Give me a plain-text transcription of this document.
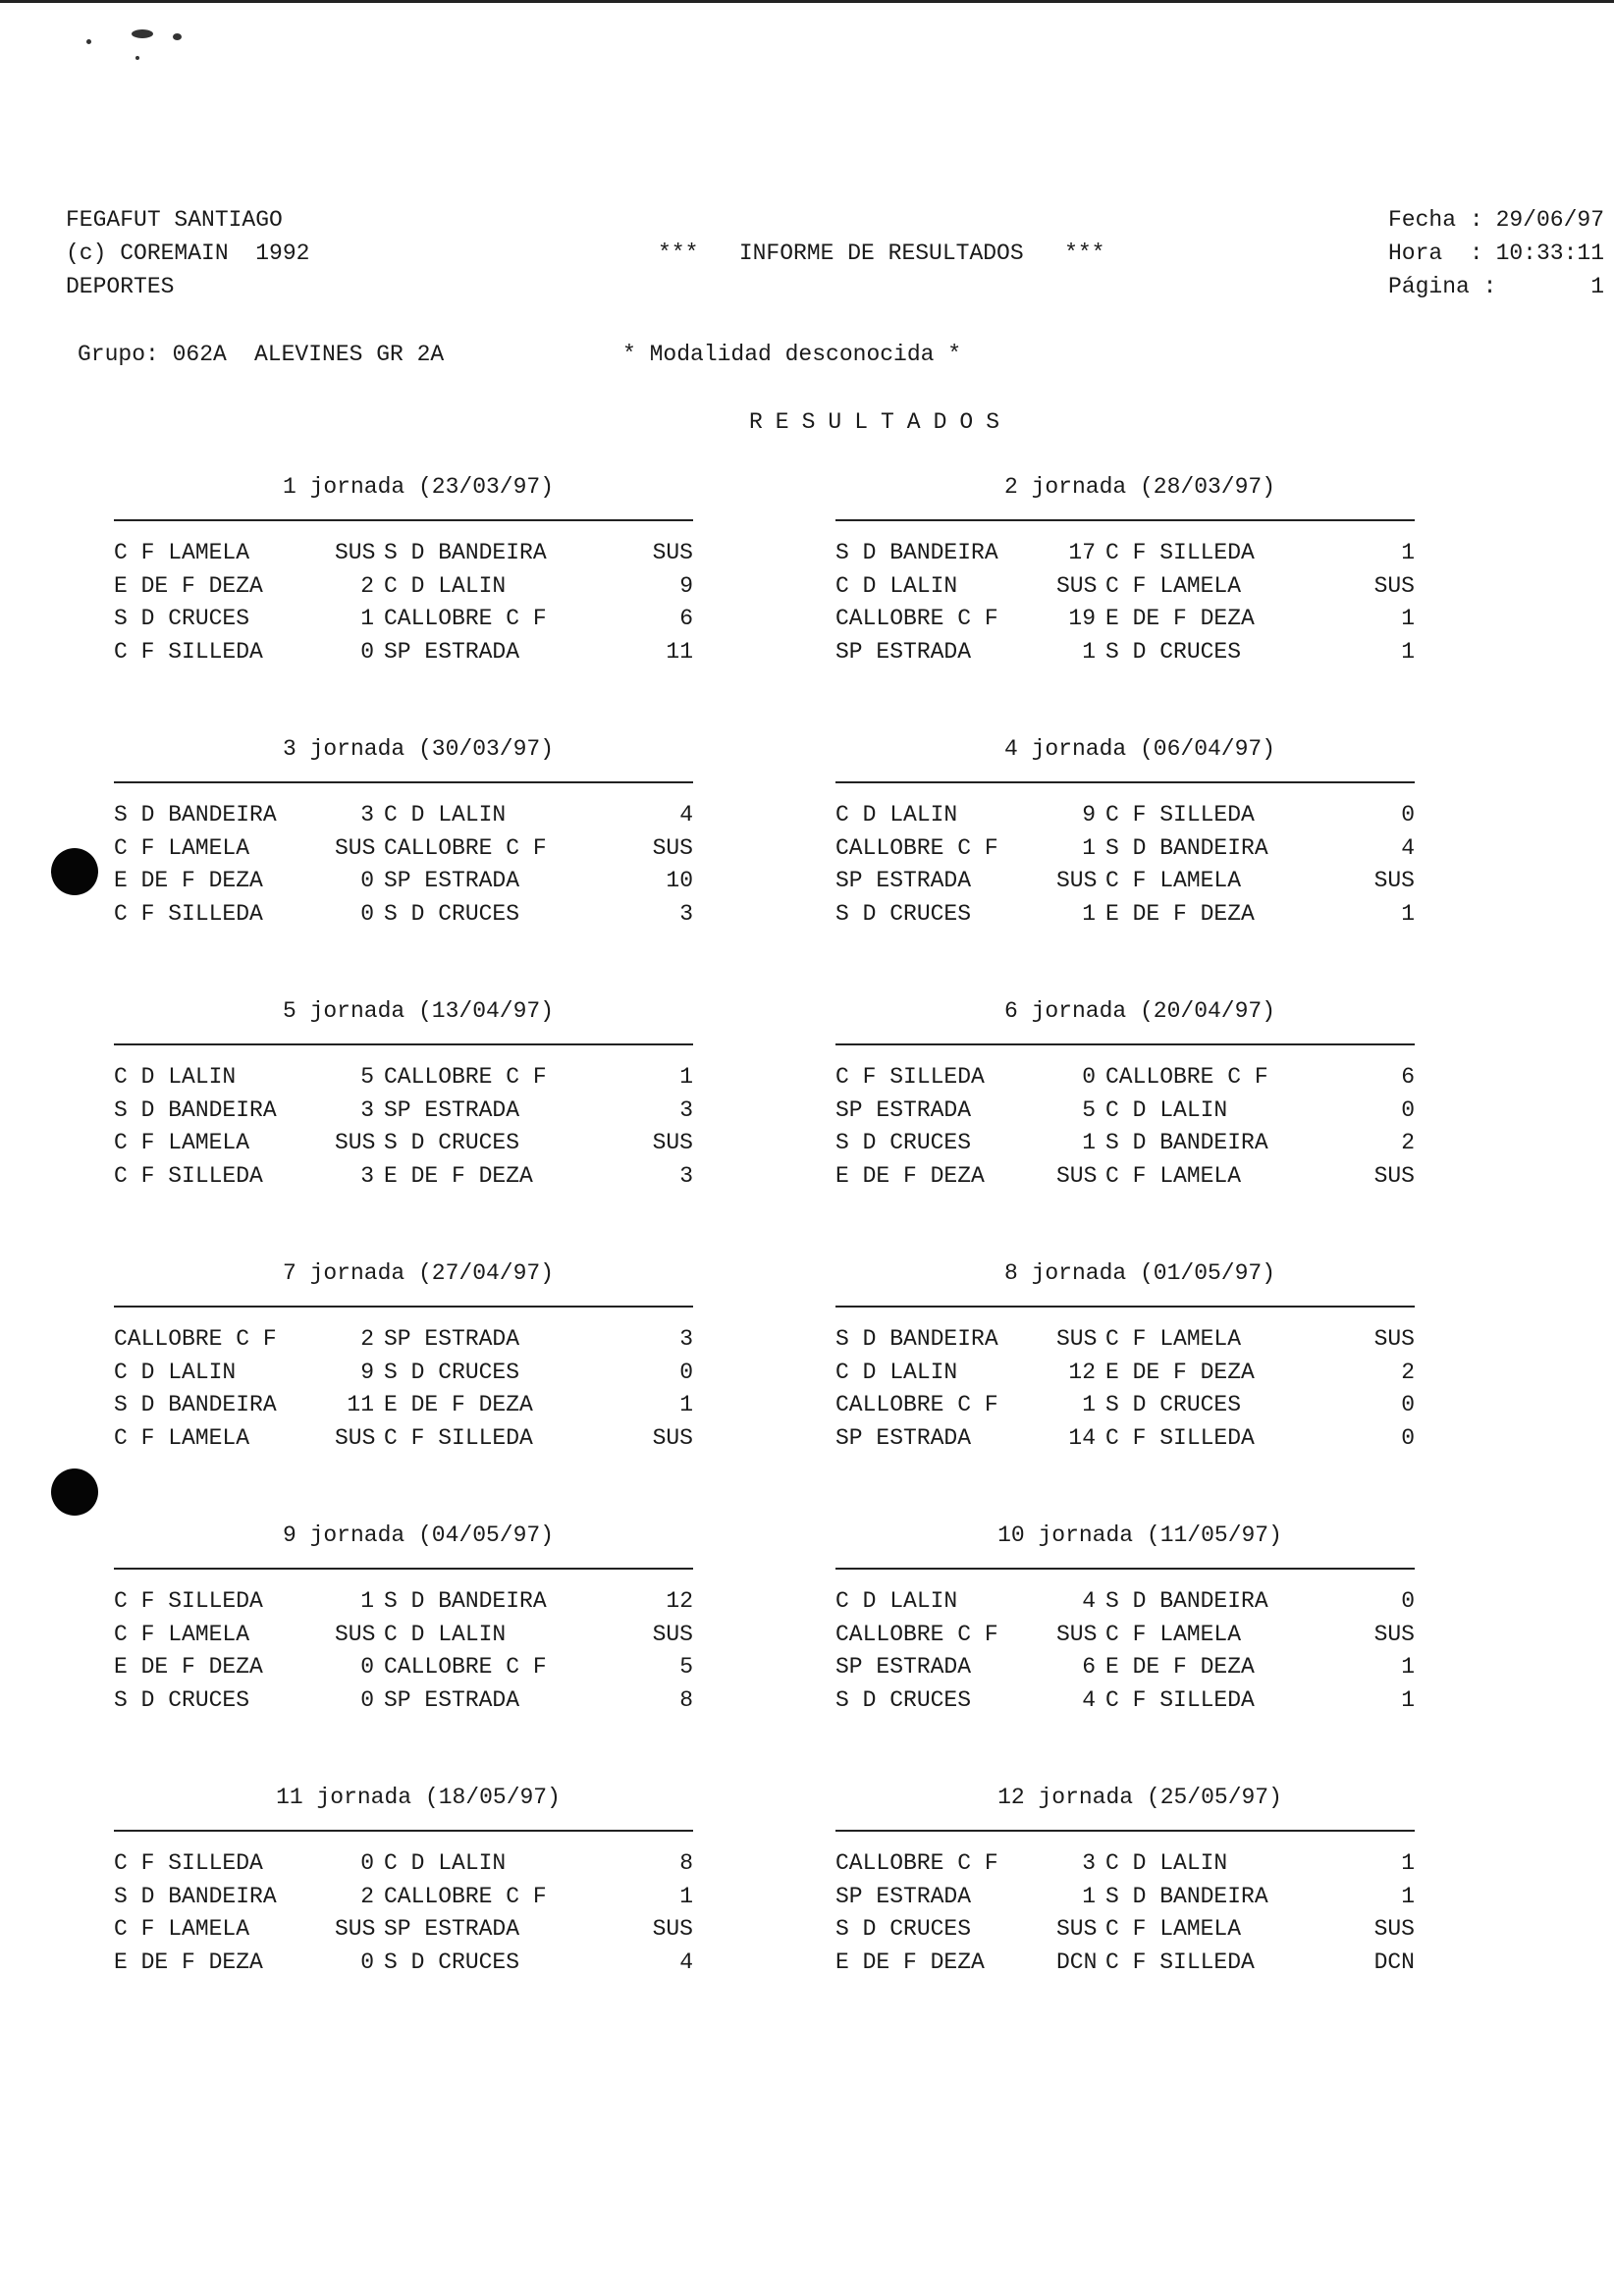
FEGAFUT SANTIAGO
(c) COREMAIN  1992
DEPORTES
***   INFORME DE RESULTADOS   ***
Fecha : 29/06/97
Hora  : 10:33:11
Página :	1
Grupo: 062A ALEVINES GR 2A	* Modalidad desconocida *
RESULTADOS
1 jornada (23/03/97)
C F LAMELA	SUS S D BANDEIRA	SUS
E DE F DEZA	2 C D LALIN	9
S D CRUCES	1 CALLOBRE C F	6
C F SILLEDA	0 SP ESTRADA	11
2 jornada (28/03/97)
S D BANDEIRA	17 C F SILLEDA	1
C D LALIN	SUS C F LAMELA	SUS
CALLOBRE C F	19 E DE F DEZA	1
SP ESTRADA	1 S D CRUCES	1
3 jornada (30/03/97)
S D BANDEIRA	3 C D LALIN	4
C F LAMELA	SUS CALLOBRE C F	SUS
E DE F DEZA	0 SP ESTRADA	10
C F SILLEDA	0 S D CRUCES	3
4 jornada (06/04/97)
C D LALIN	9 C F SILLEDA	0
CALLOBRE C F	1 S D BANDEIRA	4
SP ESTRADA	SUS C F LAMELA	SUS
S D CRUCES	1 E DE F DEZA	1
5 jornada (13/04/97)
C D LALIN	5 CALLOBRE C F	1
S D BANDEIRA	3 SP ESTRADA	3
C F LAMELA	SUS S D CRUCES	SUS
C F SILLEDA	3 E DE F DEZA	3
6 jornada (20/04/97)
C F SILLEDA	0 CALLOBRE C F	6
SP ESTRADA	5 C D LALIN	0
S D CRUCES	1 S D BANDEIRA	2
E DE F DEZA	SUS C F LAMELA	SUS
7 jornada (27/04/97)
CALLOBRE C F	2 SP ESTRADA	3
C D LALIN	9 S D CRUCES	0
S D BANDEIRA	11 E DE F DEZA	1
C F LAMELA	SUS C F SILLEDA	SUS
8 jornada (01/05/97)
S D BANDEIRA	SUS C F LAMELA	SUS
C D LALIN	12 E DE F DEZA	2
CALLOBRE C F	1 S D CRUCES	0
SP ESTRADA	14 C F SILLEDA	0
9 jornada (04/05/97)
C F SILLEDA	1 S D BANDEIRA	12
C F LAMELA	SUS C D LALIN	SUS
E DE F DEZA	0 CALLOBRE C F	5
S D CRUCES	0 SP ESTRADA	8
10 jornada (11/05/97)
C D LALIN	4 S D BANDEIRA	0
CALLOBRE C F	SUS C F LAMELA	SUS
SP ESTRADA	6 E DE F DEZA	1
S D CRUCES	4 C F SILLEDA	1
11 jornada (18/05/97)
C F SILLEDA	0 C D LALIN	8
S D BANDEIRA	2 CALLOBRE C F	1
C F LAMELA	SUS SP ESTRADA	SUS
E DE F DEZA	0 S D CRUCES	4
12 jornada (25/05/97)
CALLOBRE C F	3 C D LALIN	1
SP ESTRADA	1 S D BANDEIRA	1
S D CRUCES	SUS C F LAMELA	SUS
E DE F DEZA	DCN C F SILLEDA	DCN
